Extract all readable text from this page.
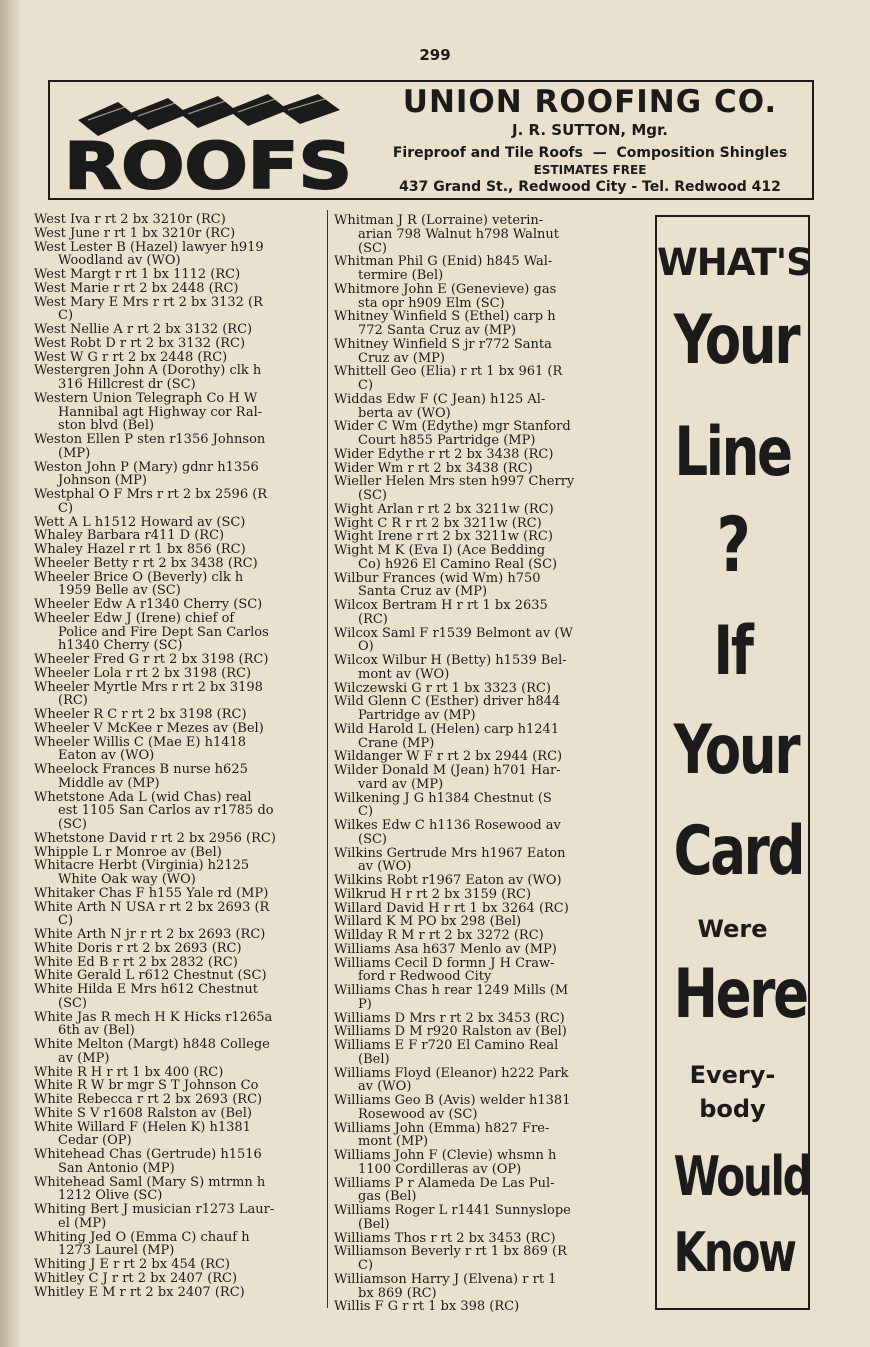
299
ROOFS
UNION ROOFING CO.
J. R. SUTTON, Mgr.
Fireproof and Tile Roofs — Composition Shingles
ESTIMATES FREE
437 Grand St., Redwood City - Tel. Redwood 412
West Iva r rt 2 bx 3210r (RC)
West June r rt 1 bx 3210r (RC)
West Lester B (Hazel) lawyer h919
Woodland av (WO)
West Margt r rt 1 bx 1112 (RC)
West Marie r rt 2 bx 2448 (RC)
West Mary E Mrs r rt 2 bx 3132 (R
C)
West Nellie A r rt 2 bx 3132 (RC)
West Robt D r rt 2 bx 3132 (RC)
West W G r rt 2 bx 2448 (RC)
Westergren John A (Dorothy) clk h
316 Hillcrest dr (SC)
Western Union Telegraph Co H W
Hannibal agt Highway cor Ral-
ston blvd (Bel)
Weston Ellen P sten r1356 Johnson
(MP)
Weston John P (Mary) gdnr h1356
Johnson (MP)
Westphal O F Mrs r rt 2 bx 2596 (R
C)
Wett A L h1512 Howard av (SC)
Whaley Barbara r411 D (RC)
Whaley Hazel r rt 1 bx 856 (RC)
Wheeler Betty r rt 2 bx 3438 (RC)
Wheeler Brice O (Beverly) clk h
1959 Belle av (SC)
Wheeler Edw A r1340 Cherry (SC)
Wheeler Edw J (Irene) chief of
Police and Fire Dept San Carlos
h1340 Cherry (SC)
Wheeler Fred G r rt 2 bx 3198 (RC)
Wheeler Lola r rt 2 bx 3198 (RC)
Wheeler Myrtle Mrs r rt 2 bx 3198
(RC)
Wheeler R C r rt 2 bx 3198 (RC)
Wheeler V McKee r Mezes av (Bel)
Wheeler Willis C (Mae E) h1418
Eaton av (WO)
Wheelock Frances B nurse h625
Middle av (MP)
Whetstone Ada L (wid Chas) real
est 1105 San Carlos av r1785 do
(SC)
Whetstone David r rt 2 bx 2956 (RC)
Whipple L r Monroe av (Bel)
Whitacre Herbt (Virginia) h2125
White Oak way (WO)
Whitaker Chas F h155 Yale rd (MP)
White Arth N USA r rt 2 bx 2693 (R
C)
White Arth N jr r rt 2 bx 2693 (RC)
White Doris r rt 2 bx 2693 (RC)
White Ed B r rt 2 bx 2832 (RC)
White Gerald L r612 Chestnut (SC)
White Hilda E Mrs h612 Chestnut
(SC)
White Jas R mech H K Hicks r1265a
6th av (Bel)
White Melton (Margt) h848 College
av (MP)
White R H r rt 1 bx 400 (RC)
White R W br mgr S T Johnson Co
White Rebecca r rt 2 bx 2693 (RC)
White S V r1608 Ralston av (Bel)
White Willard F (Helen K) h1381
Cedar (OP)
Whitehead Chas (Gertrude) h1516
San Antonio (MP)
Whitehead Saml (Mary S) mtrmn h
1212 Olive (SC)
Whiting Bert J musician r1273 Laur-
el (MP)
Whiting Jed O (Emma C) chauf h
1273 Laurel (MP)
Whiting J E r rt 2 bx 454 (RC)
Whitley C J r rt 2 bx 2407 (RC)
Whitley E M r rt 2 bx 2407 (RC)
Whitman J R (Lorraine) veterin-
arian 798 Walnut h798 Walnut
(SC)
Whitman Phil G (Enid) h845 Wal-
termire (Bel)
Whitmore John E (Genevieve) gas
sta opr h909 Elm (SC)
Whitney Winfield S (Ethel) carp h
772 Santa Cruz av (MP)
Whitney Winfield S jr r772 Santa
Cruz av (MP)
Whittell Geo (Elia) r rt 1 bx 961 (R
C)
Widdas Edw F (C Jean) h125 Al-
berta av (WO)
Wider C Wm (Edythe) mgr Stanford
Court h855 Partridge (MP)
Wider Edythe r rt 2 bx 3438 (RC)
Wider Wm r rt 2 bx 3438 (RC)
Wieller Helen Mrs sten h997 Cherry
(SC)
Wight Arlan r rt 2 bx 3211w (RC)
Wight C R r rt 2 bx 3211w (RC)
Wight Irene r rt 2 bx 3211w (RC)
Wight M K (Eva I) (Ace Bedding
Co) h926 El Camino Real (SC)
Wilbur Frances (wid Wm) h750
Santa Cruz av (MP)
Wilcox Bertram H r rt 1 bx 2635
(RC)
Wilcox Saml F r1539 Belmont av (W
O)
Wilcox Wilbur H (Betty) h1539 Bel-
mont av (WO)
Wilczewski G r rt 1 bx 3323 (RC)
Wild Glenn C (Esther) driver h844
Partridge av (MP)
Wild Harold L (Helen) carp h1241
Crane (MP)
Wildanger W F r rt 2 bx 2944 (RC)
Wilder Donald M (Jean) h701 Har-
vard av (MP)
Wilkening J G h1384 Chestnut (S
C)
Wilkes Edw C h1136 Rosewood av
(SC)
Wilkins Gertrude Mrs h1967 Eaton
av (WO)
Wilkins Robt r1967 Eaton av (WO)
Wilkrud H r rt 2 bx 3159 (RC)
Willard David H r rt 1 bx 3264 (RC)
Willard K M PO bx 298 (Bel)
Willday R M r rt 2 bx 3272 (RC)
Williams Asa h637 Menlo av (MP)
Williams Cecil D formn J H Craw-
ford r Redwood City
Williams Chas h rear 1249 Mills (M
P)
Williams D Mrs r rt 2 bx 3453 (RC)
Williams D M r920 Ralston av (Bel)
Williams E F r720 El Camino Real
(Bel)
Williams Floyd (Eleanor) h222 Park
av (WO)
Williams Geo B (Avis) welder h1381
Rosewood av (SC)
Williams John (Emma) h827 Fre-
mont (MP)
Williams John F (Clevie) whsmn h
1100 Cordilleras av (OP)
Williams P r Alameda De Las Pul-
gas (Bel)
Williams Roger L r1441 Sunnyslope
(Bel)
Williams Thos r rt 2 bx 3453 (RC)
Williamson Beverly r rt 1 bx 869 (R
C)
Williamson Harry J (Elvena) r rt 1
bx 869 (RC)
Willis F G r rt 1 bx 398 (RC)
WHAT'S
Your
Line
?
If
Your
Card
Were
Here
Every-
body
Would
Know
